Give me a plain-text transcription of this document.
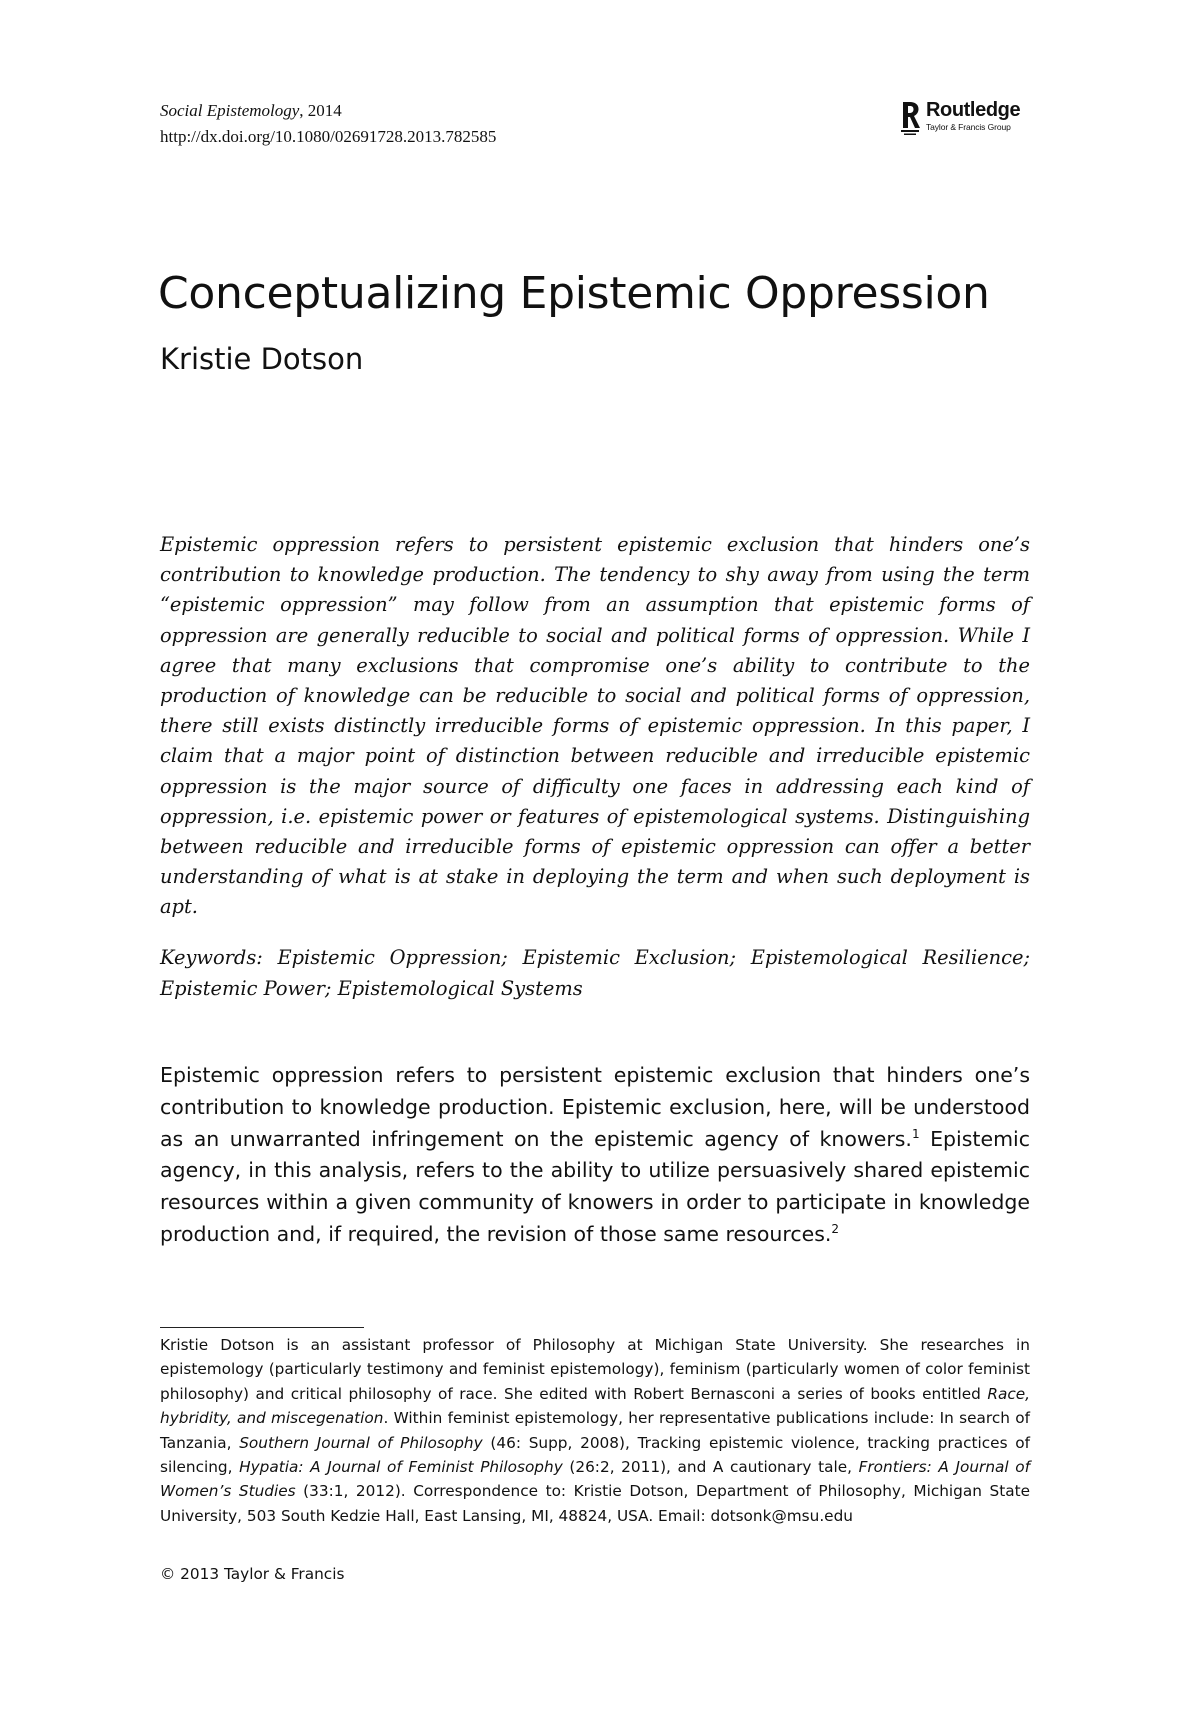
Social Epistemology, 2014
http://dx.doi.org/10.1080/02691728.2013.782585
Routledge
Taylor & Francis Group
Conceptualizing Epistemic Oppression
Kristie Dotson

Epistemic oppression refers to persistent epistemic exclusion that hinders one’s contribution to knowledge production. The tendency to shy away from using the term “epistemic oppression” may follow from an assumption that epistemic forms of oppression are generally reducible to social and political forms of oppression. While I agree that many exclusions that compromise one’s ability to contribute to the production of knowledge can be reducible to social and political forms of oppression, there still exists distinctly irreducible forms of epistemic oppression. In this paper, I claim that a major point of distinction between reducible and irreducible epistemic oppression is the major source of difficulty one faces in addressing each kind of oppression, i.e. epistemic power or features of epistemological systems. Distinguishing between reducible and irreducible forms of epistemic oppression can offer a better understanding of what is at stake in deploying the term and when such deployment is apt.

Keywords: Epistemic Oppression; Epistemic Exclusion; Epistemological Resilience; Epistemic Power; Epistemological Systems

Epistemic oppression refers to persistent epistemic exclusion that hinders one’s contribution to knowledge production. Epistemic exclusion, here, will be understood as an unwarranted infringement on the epistemic agency of knowers.$^1$ Epistemic agency, in this analysis, refers to the ability to utilize persuasively shared epistemic resources within a given community of knowers in order to participate in knowledge production and, if required, the revision of those same resources.$^2$

Kristie Dotson is an assistant professor of Philosophy at Michigan State University. She researches in epistemology (particularly testimony and feminist epistemology), feminism (particularly women of color feminist philosophy) and critical philosophy of race. She edited with Robert Bernasconi a series of books entitled Race, hybridity, and miscegenation. Within feminist epistemology, her representative publications include: In search of Tanzania, Southern Journal of Philosophy (46: Supp, 2008), Tracking epistemic violence, tracking practices of silencing, Hypatia: A Journal of Feminist Philosophy (26:2, 2011), and A cautionary tale, Frontiers: A Journal of Women’s Studies (33:1, 2012). Correspondence to: Kristie Dotson, Department of Philosophy, Michigan State University, 503 South Kedzie Hall, East Lansing, MI, 48824, USA. Email: dotsonk@msu.edu

© 2013 Taylor & Francis
